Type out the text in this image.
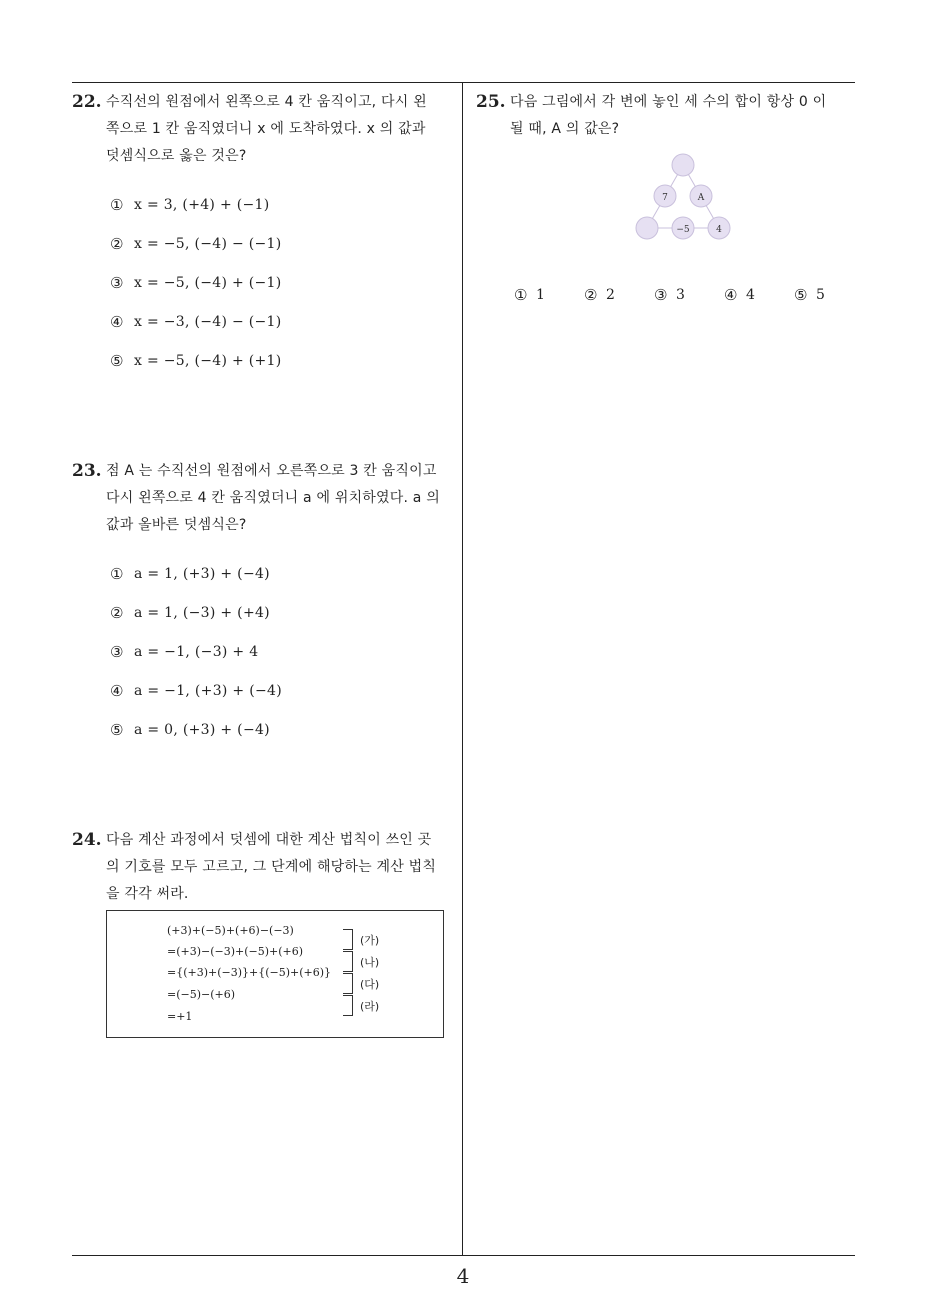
22. 수직선의 원점에서 왼쪽으로 4 칸 움직이고, 다시 왼
쪽으로 1 칸 움직였더니 x 에 도착하였다. x 의 값과
덧셈식으로 옳은 것은?
① x = 3, (+4) + (−1)
② x = −5, (−4) − (−1)
③ x = −5, (−4) + (−1)
④ x = −3, (−4) − (−1)
⑤ x = −5, (−4) + (+1)
23. 점 A 는 수직선의 원점에서 오른쪽으로 3 칸 움직이고
다시 왼쪽으로 4 칸 움직였더니 a 에 위치하였다. a 의
값과 올바른 덧셈식은?
① a = 1, (+3) + (−4)
② a = 1, (−3) + (+4)
③ a = −1, (−3) + 4
④ a = −1, (+3) + (−4)
⑤ a = 0, (+3) + (−4)
24. 다음 계산 과정에서 덧셈에 대한 계산 법칙이 쓰인 곳
의 기호를 모두 고르고, 그 단계에 해당하는 계산 법칙
을 각각 써라.
(+3)+(−5)+(+6)−(−3)
=(+3)−(−3)+(−5)+(+6)
={(+3)+(−3)}+{(−5)+(+6)}
=(−5)−(+6)
=+1
(가)
(나)
(다)
(라)
25. 다음 그림에서 각 변에 놓인 세 수의 합이 항상 0 이
될 때, A 의 값은?
7	A
−5	4
① 1	② 2	③ 3	④ 4	⑤ 5
4
